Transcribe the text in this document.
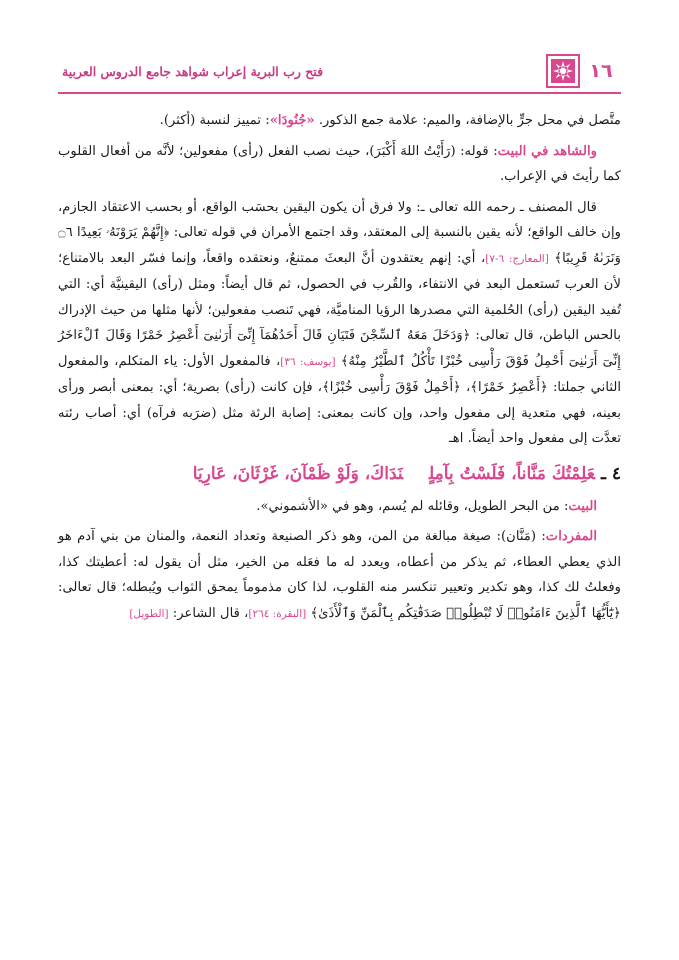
١٦
فتح رب البرية إعراب شواهد جامع الدروس العربية

متَّصل في محل جرٍّ بالإضافة، والميم: علامة جمع الذكور. «جُنُودَا»: تمييز لنسبة (أكثر).

والشاهد في البيت: قوله: (رَأَيْتُ اللهَ أَكْبَرَ)، حيث نصب الفعل (رأى) مفعولين؛ لأنَّه من أفعال القلوب كما رأيتَ في الإعراب.

قال المصنف ـ رحمه الله تعالى ـ: ولا فرق أن يكون اليقين بحسَب الواقع، أو بحسب الاعتقاد الجازم، وإن خالف الواقع؛ لأنه يقين بالنسبة إلى المعتقد، وقد اجتمع الأمران في قوله تعالى: ﴿إِنَّهُمْ يَرَوْنَهُۥ بَعِيدًا ۝٦ وَنَرَىٰهُ قَرِيبًا﴾ [المعارج: ٦-٧]، أي: إنهم يعتقدون أنَّ البعثَ ممتنعٌ، ونعتقده واقعاً، وإنما فسّر البعد بالامتناع؛ لأن العرب تَستعمل البعد في الانتفاء، والقُرب في الحصول، ثم قال أيضاً: ومثل (رأى) اليقينيَّة أي: التي تُفيد اليقين (رأى) الحُلمية التي مصدرها الرؤيا المناميَّة، فهي تَنصب مفعولين؛ لأنها مثلها من حيث الإدراك بالحس الباطن، قال تعالى: ﴿وَدَخَلَ مَعَهُ ٱلسِّجْنَ فَتَيَانِ قَالَ أَحَدُهُمَآ إِنِّىٓ أَرَىٰنِىٓ أَعْصِرُ خَمْرًا وَقَالَ ٱلْءَاخَرُ إِنِّىٓ أَرَىٰنِىٓ أَحْمِلُ فَوْقَ رَأْسِى خُبْزًا تَأْكُلُ ٱلطَّيْرُ مِنْهُ﴾ [يوسف: ٣٦]، فالمفعول الأول: ياء المتكلم، والمفعول الثاني جملتا: ﴿أَعْصِرُ خَمْرًا﴾، ﴿أَحْمِلُ فَوْقَ رَأْسِى خُبْزًا﴾، فإن كانت (رأى) بصرية؛ أي: بمعنى أبصر ورأى بعينه، فهي متعدية إلى مفعول واحد، وإن كانت بمعنى: إصابة الرئة مثل (ضرَبه فرآه) أي: أصاب رئته تعدَّت إلى مفعول واحد أيضاً. اهـ

٤ ـعَلِمْتُكَ مَنَّاناً، فَلَسْتُ بِآمِلٍنَدَاكَ، وَلَوْ ظَمْآنَ، غَرْثَانَ، عَارِيَا

البيت: من البحر الطويل، وقائله لم يُسم، وهو في «الأشموني».

المفردات: (مَنَّان): صيغة مبالغة من المن، وهو ذكر الصنيعة وتعداد النعمة، والمنان من بني آدم هو الذي يعطي العطاء، ثم يذكر من أعطاه، ويعدد له ما فعَله من الخير، مثل أن يقول له: أعطيتك كذا، وفعلتُ لك كذا، وهو تكدير وتعيير تنكسر منه القلوب، لذا كان مذموماً يمحق الثواب ويُبطله؛ قال تعالى: ﴿يَٰٓأَيُّهَا ٱلَّذِينَ ءَامَنُوا۟ لَا تُبْطِلُوا۟ صَدَقَٰتِكُم بِٱلْمَنِّ وَٱلْأَذَىٰ﴾ [البقرة: ٢٦٤]، قال الشاعر: [الطويل]
